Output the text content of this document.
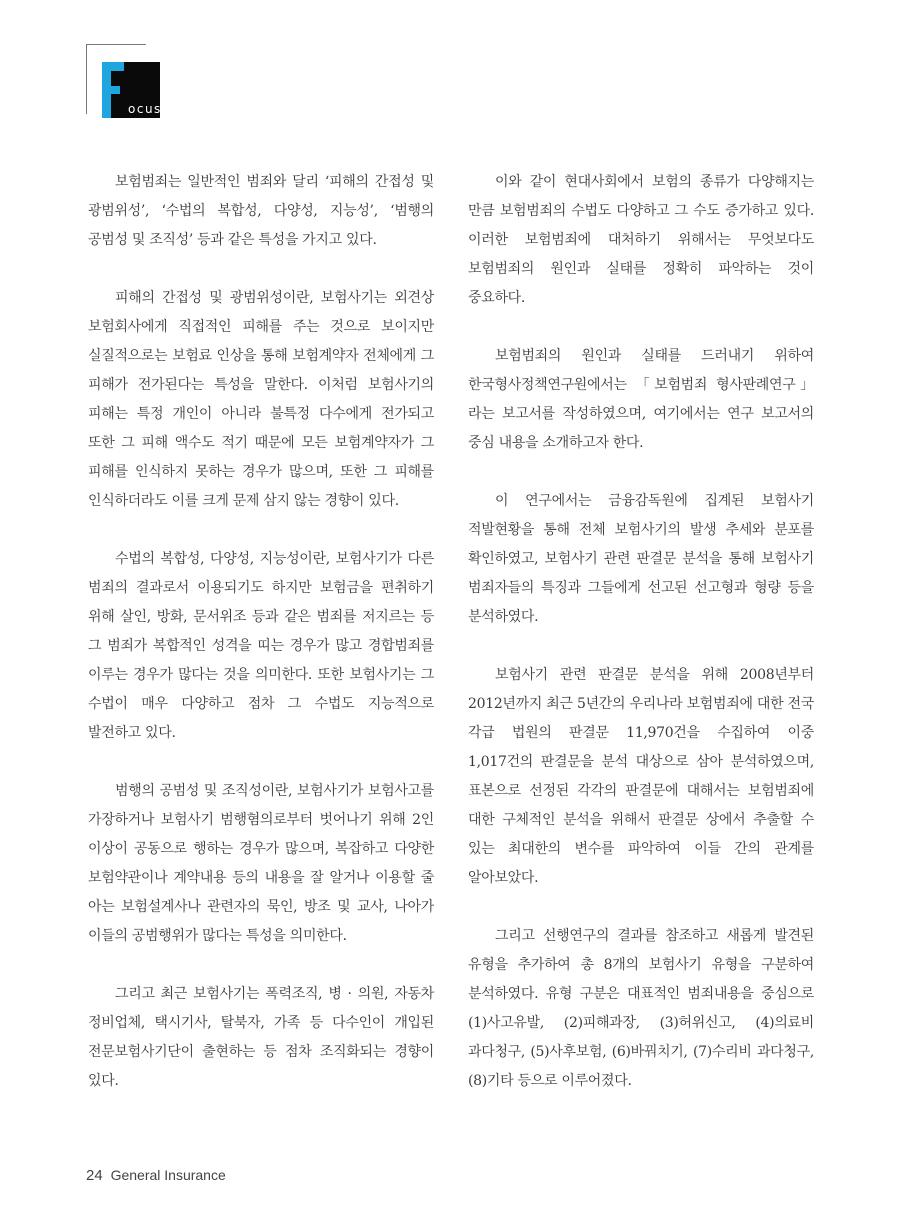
ocus

보험범죄는 일반적인 범죄와 달리 ‘피해의 간접성 및 광범위성’, ‘수법의 복합성, 다양성, 지능성’, ‘범행의 공범성 및 조직성’ 등과 같은 특성을 가지고 있다.

피해의 간접성 및 광범위성이란, 보험사기는 외견상 보험회사에게 직접적인 피해를 주는 것으로 보이지만 실질적으로는 보험료 인상을 통해 보험계약자 전체에게 그 피해가 전가된다는 특성을 말한다. 이처럼 보험사기의 피해는 특정 개인이 아니라 불특정 다수에게 전가되고 또한 그 피해 액수도 적기 때문에 모든 보험계약자가 그 피해를 인식하지 못하는 경우가 많으며, 또한 그 피해를 인식하더라도 이를 크게 문제 삼지 않는 경향이 있다.

수법의 복합성, 다양성, 지능성이란, 보험사기가 다른 범죄의 결과로서 이용되기도 하지만 보험금을 편취하기 위해 살인, 방화, 문서위조 등과 같은 범죄를 저지르는 등 그 범죄가 복합적인 성격을 띠는 경우가 많고 경합범죄를 이루는 경우가 많다는 것을 의미한다. 또한 보험사기는 그 수법이 매우 다양하고 점차 그 수법도 지능적으로 발전하고 있다.

범행의 공범성 및 조직성이란, 보험사기가 보험사고를 가장하거나 보험사기 범행혐의로부터 벗어나기 위해 2인 이상이 공동으로 행하는 경우가 많으며, 복잡하고 다양한 보험약관이나 계약내용 등의 내용을 잘 알거나 이용할 줄 아는 보험설계사나 관련자의 묵인, 방조 및 교사, 나아가 이들의 공범행위가 많다는 특성을 의미한다.

그리고 최근 보험사기는 폭력조직, 병 · 의원, 자동차 정비업체, 택시기사, 탈북자, 가족 등 다수인이 개입된 전문보험사기단이 출현하는 등 점차 조직화되는 경향이 있다.

이와 같이 현대사회에서 보험의 종류가 다양해지는 만큼 보험범죄의 수법도 다양하고 그 수도 증가하고 있다. 이러한 보험범죄에 대처하기 위해서는 무엇보다도 보험범죄의 원인과 실태를 정확히 파악하는 것이 중요하다.

보험범죄의 원인과 실태를 드러내기 위하여 한국형사정책연구원에서는 「보험범죄 형사판례연구」라는 보고서를 작성하였으며, 여기에서는 연구 보고서의 중심 내용을 소개하고자 한다.

이 연구에서는 금융감독원에 집계된 보험사기 적발현황을 통해 전체 보험사기의 발생 추세와 분포를 확인하였고, 보험사기 관련 판결문 분석을 통해 보험사기 범죄자들의 특징과 그들에게 선고된 선고형과 형량 등을 분석하였다.

보험사기 관련 판결문 분석을 위해 2008년부터 2012년까지 최근 5년간의 우리나라 보험범죄에 대한 전국 각급 법원의 판결문 11,970건을 수집하여 이중 1,017건의 판결문을 분석 대상으로 삼아 분석하였으며, 표본으로 선정된 각각의 판결문에 대해서는 보험범죄에 대한 구체적인 분석을 위해서 판결문 상에서 추출할 수 있는 최대한의 변수를 파악하여 이들 간의 관계를 알아보았다.

그리고 선행연구의 결과를 참조하고 새롭게 발견된 유형을 추가하여 총 8개의 보험사기 유형을 구분하여 분석하였다. 유형 구분은 대표적인 범죄내용을 중심으로 (1)사고유발, (2)피해과장, (3)허위신고, (4)의료비 과다청구, (5)사후보험, (6)바꿔치기, (7)수리비 과다청구, (8)기타 등으로 이루어졌다.

24 General Insurance
